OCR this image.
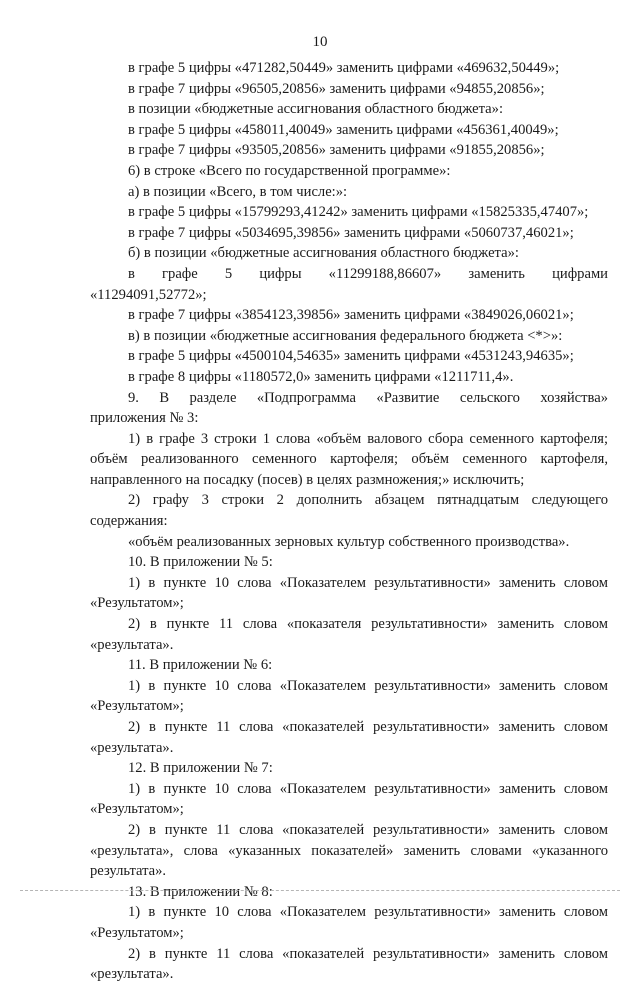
10

в графе 5 цифры «471282,50449» заменить цифрами «469632,50449»;

в графе 7 цифры «96505,20856» заменить цифрами «94855,20856»;

в позиции «бюджетные ассигнования областного бюджета»:

в графе 5 цифры «458011,40049» заменить цифрами «456361,40049»;

в графе 7 цифры «93505,20856» заменить цифрами «91855,20856»;

6) в строке «Всего по государственной программе»:

а) в позиции «Всего, в том числе:»:

в графе 5 цифры «15799293,41242» заменить цифрами «15825335,47407»;

в графе 7 цифры «5034695,39856» заменить цифрами «5060737,46021»;

б) в позиции «бюджетные ассигнования областного бюджета»:

в графе 5 цифры «11299188,86607» заменить цифрами

«11294091,52772»;

в графе 7 цифры «3854123,39856» заменить цифрами «3849026,06021»;

в) в позиции «бюджетные ассигнования федерального бюджета <*>»:

в графе 5 цифры «4500104,54635» заменить цифрами «4531243,94635»;

в графе 8 цифры «1180572,0» заменить цифрами «1211711,4».

9. В разделе «Подпрограмма «Развитие сельского хозяйства»

приложения № 3:

1) в графе 3 строки 1 слова «объём валового сбора семенного картофеля;

объём реализованного семенного картофеля; объём семенного картофеля,

направленного на посадку (посев) в целях размножения;» исключить;

2) графу 3 строки 2 дополнить абзацем пятнадцатым следующего

содержания:

«объём реализованных зерновых культур собственного производства».

10. В приложении № 5:

1) в пункте 10 слова «Показателем результативности» заменить словом

«Результатом»;

2) в пункте 11 слова «показателя результативности» заменить словом

«результата».

11. В приложении № 6:

1) в пункте 10 слова «Показателем результативности» заменить словом

«Результатом»;

2) в пункте 11 слова «показателей результативности» заменить словом

«результата».

12. В приложении № 7:

1) в пункте 10 слова «Показателем результативности» заменить словом

«Результатом»;

2) в пункте 11 слова «показателей результативности» заменить словом

«результата», слова «указанных показателей» заменить словами «указанного

результата».

13. В приложении № 8:

1) в пункте 10 слова «Показателем результативности» заменить словом

«Результатом»;

2) в пункте 11 слова «показателей результативности» заменить словом

«результата».
